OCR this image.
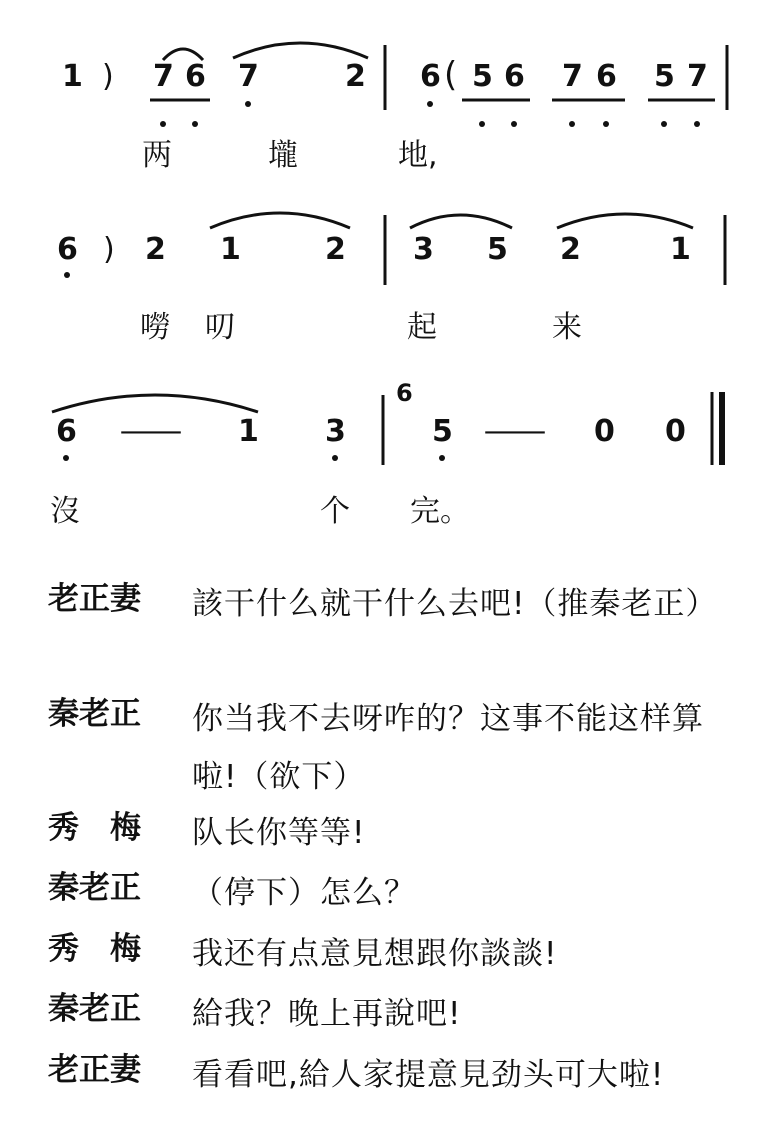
1 ) 7 6 7	2 6 ( 5 6 7 6 5 7
两	壠	地,
6 ) 2 1	2 3 5 2	1
嘮 叨	起	来
6 — 1 3
6
5 — 0 0
沒	个 完。
老正妻 該干什么就干什么去吧!（推秦老正）
秦老正 你当我不去呀咋的？这事不能这样算啦!（欲下）
秀　梅 队长你等等!
秦老正 （停下）怎么？
秀　梅 我还有点意見想跟你談談!
秦老正 給我？晚上再說吧!
老正妻 看看吧,給人家提意見劲头可大啦!
